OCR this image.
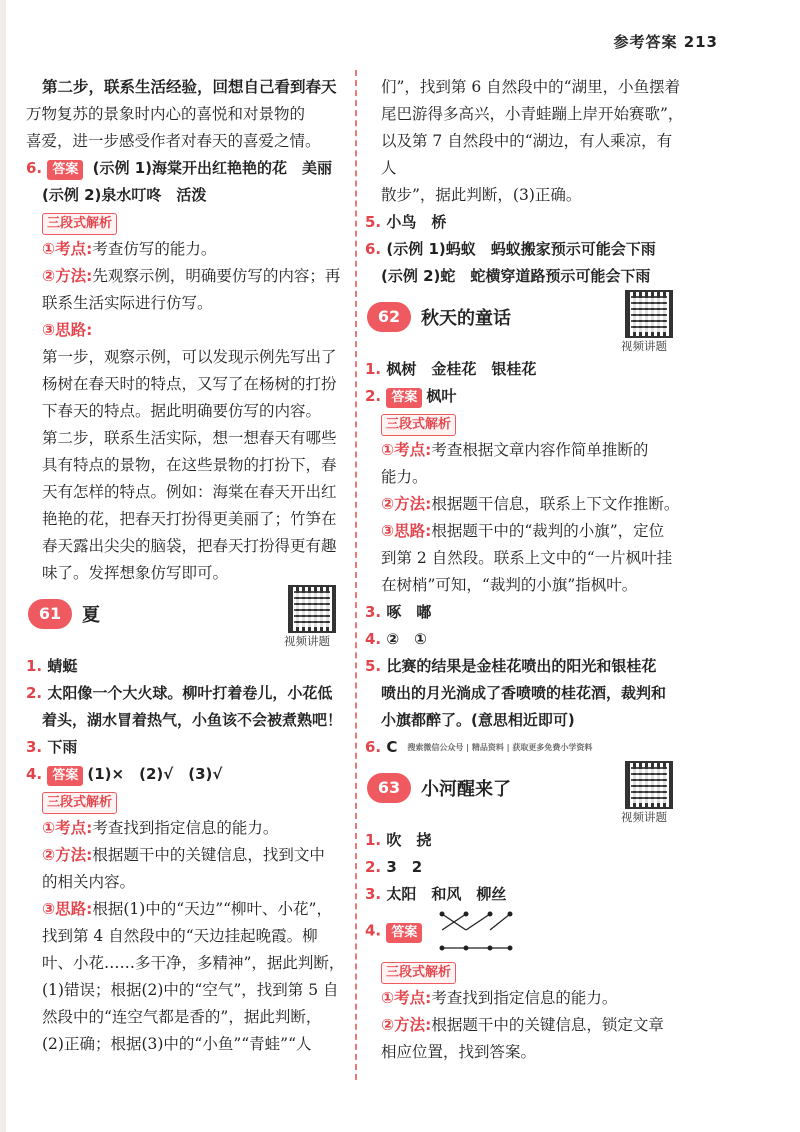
参考答案 213

第二步，联系生活经验，回想自己看到春天

万物复苏的景象时内心的喜悦和对景物的

喜爱，进一步感受作者对春天的喜爱之情。

6. 答案 (示例 1)海棠开出红艳艳的花　美丽

(示例 2)泉水叮咚　活泼

三段式解析

①考点:考查仿写的能力。

②方法:先观察示例，明确要仿写的内容；再

联系生活实际进行仿写。

③思路:

第一步，观察示例，可以发现示例先写出了

杨树在春天时的特点，又写了在杨树的打扮

下春天的特点。据此明确要仿写的内容。

第二步，联系生活实际，想一想春天有哪些

具有特点的景物，在这些景物的打扮下，春

天有怎样的特点。例如：海棠在春天开出红

艳艳的花，把春天打扮得更美丽了；竹笋在

春天露出尖尖的脑袋，把春天打扮得更有趣

味了。发挥想象仿写即可。

61	夏
视频讲题

1. 蜻蜓

2. 太阳像一个大火球。柳叶打着卷儿，小花低

着头，湖水冒着热气，小鱼该不会被煮熟吧！

3. 下雨

4. 答案 (1)×　(2)√　(3)√

三段式解析

①考点:考查找到指定信息的能力。

②方法:根据题干中的关键信息，找到文中

的相关内容。

③思路:根据(1)中的“天边”“柳叶、小花”，

找到第 4 自然段中的“天边挂起晚霞。柳

叶、小花……多干净，多精神”，据此判断，

(1)错误；根据(2)中的“空气”，找到第 5 自

然段中的“连空气都是香的”，据此判断，

(2)正确；根据(3)中的“小鱼”“青蛙”“人

们”，找到第 6 自然段中的“湖里，小鱼摆着

尾巴游得多高兴，小青蛙蹦上岸开始赛歌”，

以及第 7 自然段中的“湖边，有人乘凉，有人

散步”，据此判断，(3)正确。

5. 小鸟　桥

6. (示例 1)蚂蚁　蚂蚁搬家预示可能会下雨

(示例 2)蛇　蛇横穿道路预示可能会下雨

62	秋天的童话
视频讲题

1. 枫树　金桂花　银桂花

2. 答案 枫叶

三段式解析

①考点:考查根据文章内容作简单推断的

能力。

②方法:根据题干信息，联系上下文作推断。

③思路:根据题干中的“裁判的小旗”，定位

到第 2 自然段。联系上文中的“一片枫叶挂

在树梢”可知，“裁判的小旗”指枫叶。

3. 啄　嘟

4. ②　①

5. 比赛的结果是金桂花喷出的阳光和银桂花

喷出的月光淌成了香喷喷的桂花酒，裁判和

小旗都醉了。(意思相近即可)

6. C 搜索微信公众号 | 精品资料 | 获取更多免费小学资料

63	小河醒来了
视频讲题

1. 吹　挠

2. 3　2

3. 太阳　和风　柳丝

4. 答案

三段式解析

①考点:考查找到指定信息的能力。

②方法:根据题干中的关键信息，锁定文章

相应位置，找到答案。
